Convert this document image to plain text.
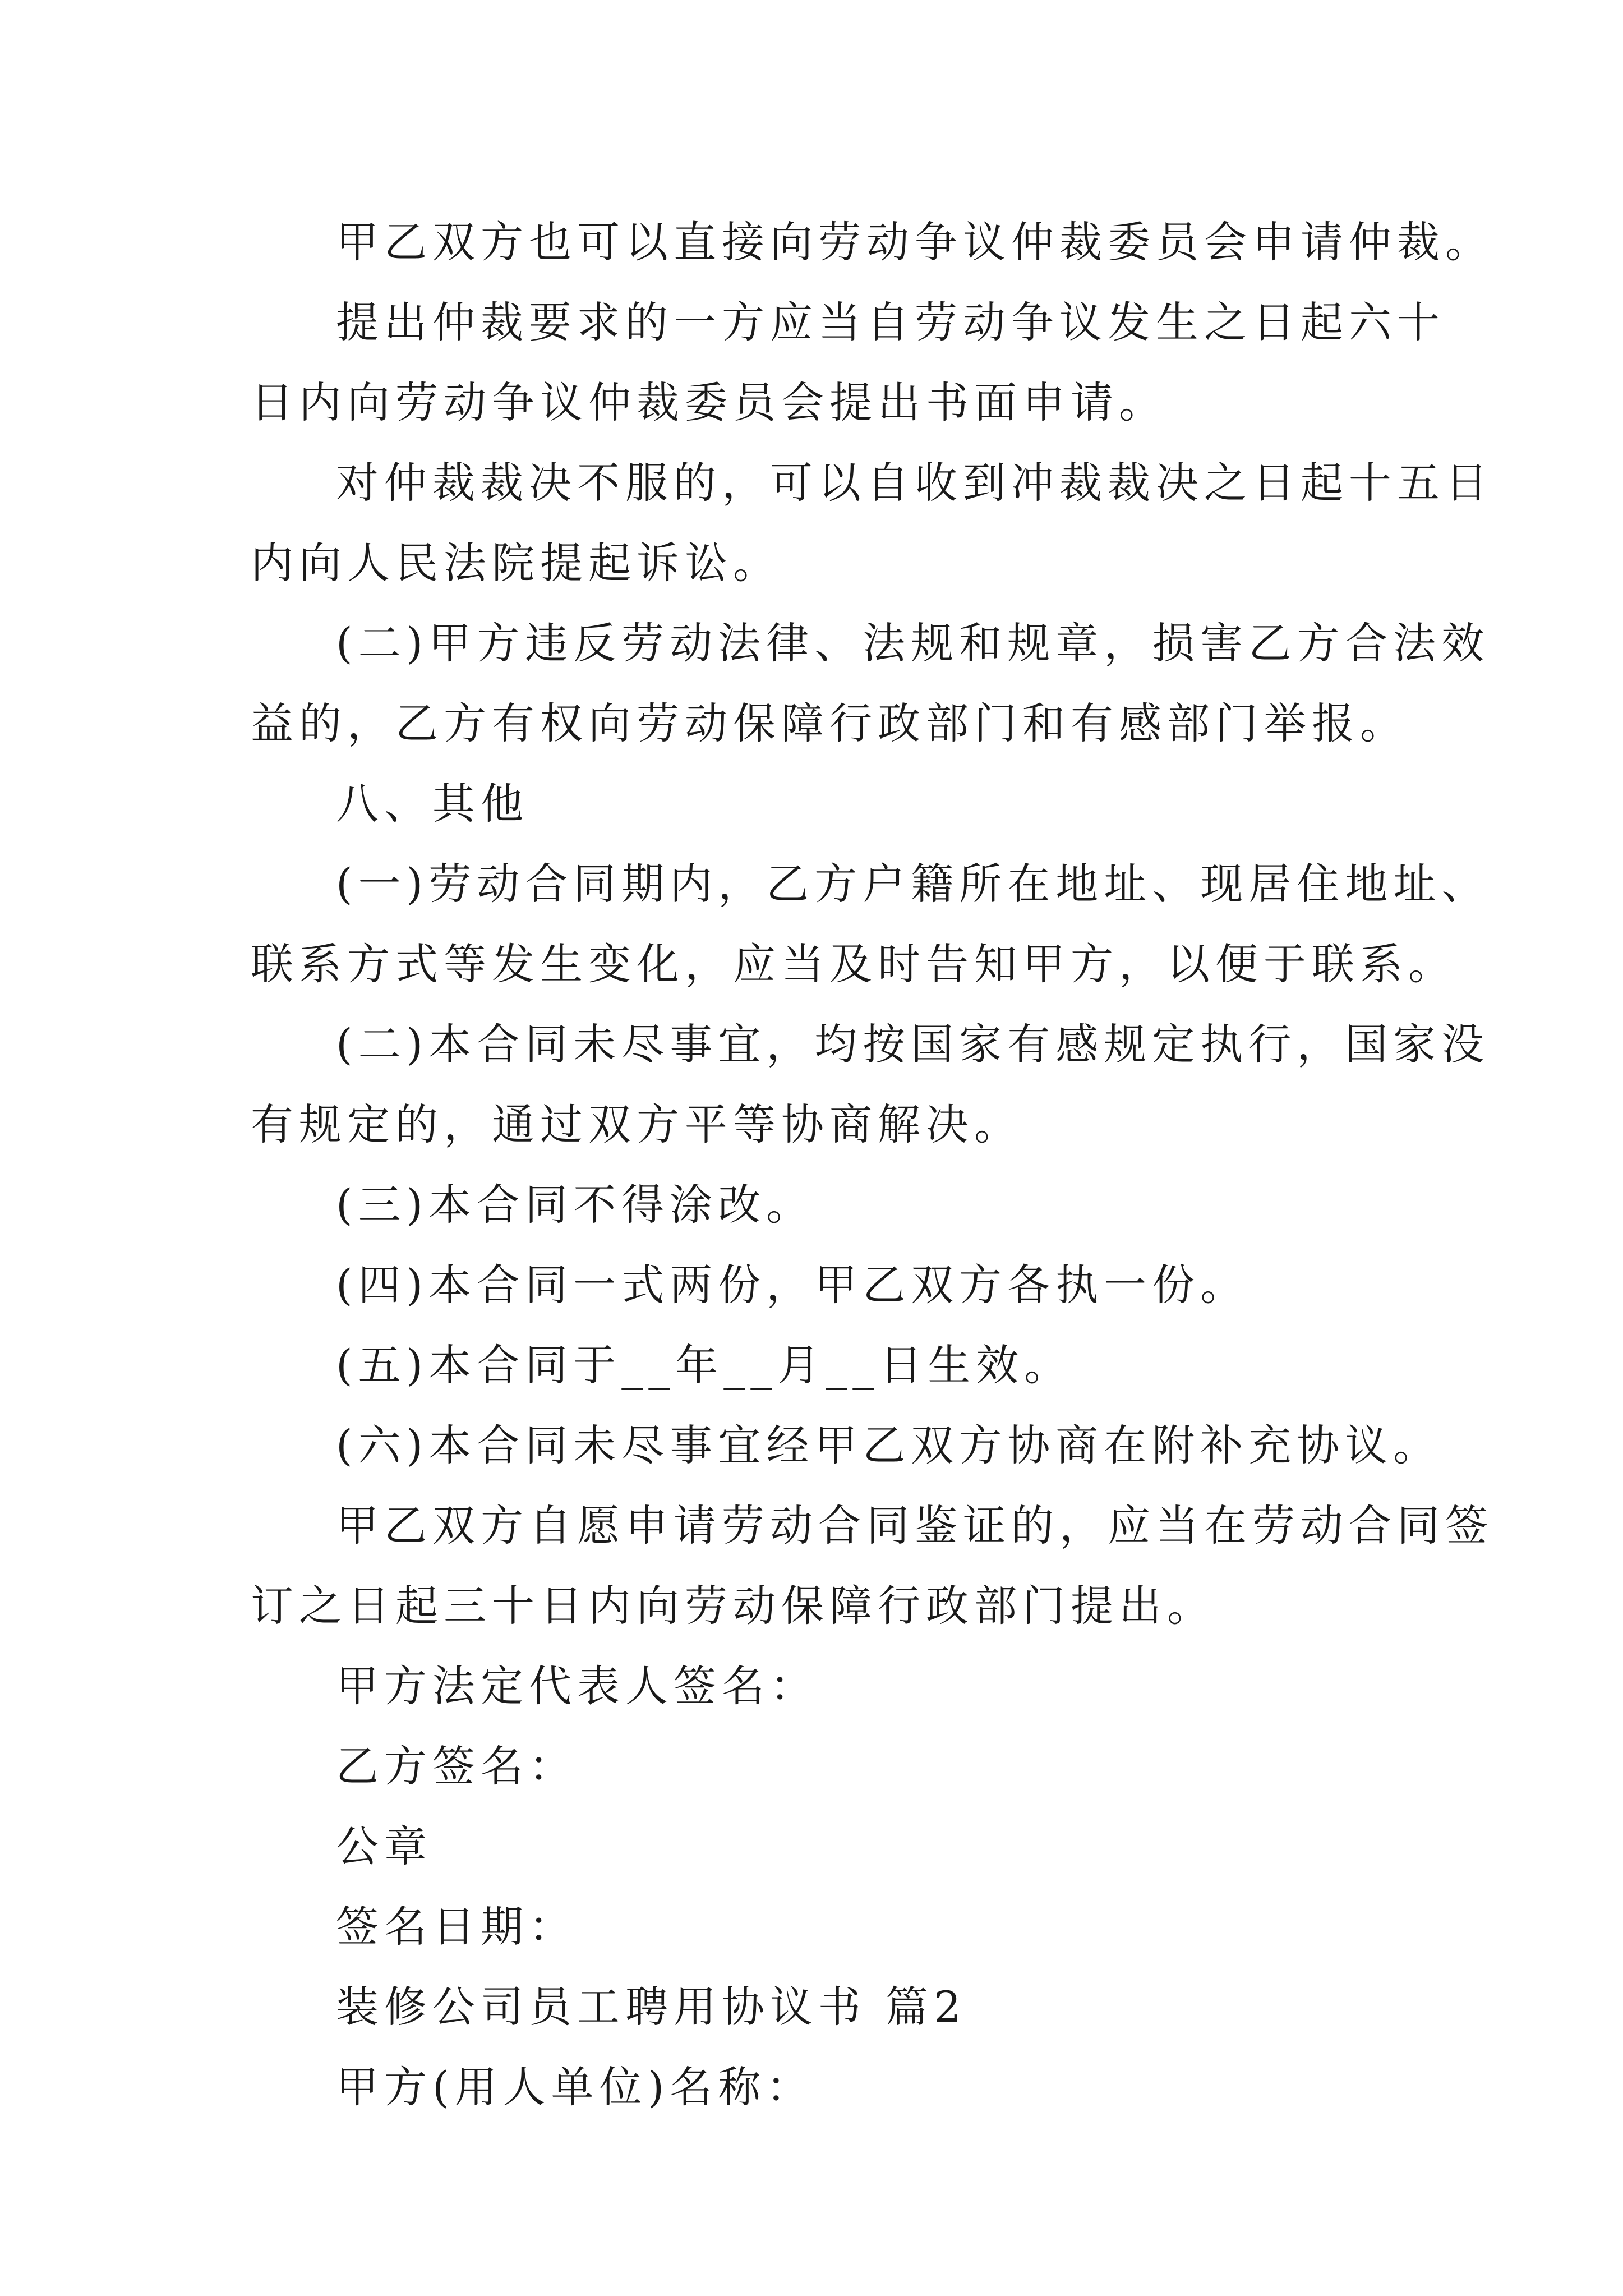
甲乙双方也可以直接向劳动争议仲裁委员会申请仲裁。

提出仲裁要求的一方应当自劳动争议发生之日起六十
日内向劳动争议仲裁委员会提出书面申请。

对仲裁裁决不服的，可以自收到冲裁裁决之日起十五日
内向人民法院提起诉讼。

(二)甲方违反劳动法律、法规和规章，损害乙方合法效
益的，乙方有权向劳动保障行政部门和有感部门举报。

八、其他

(一)劳动合同期内，乙方户籍所在地址、现居住地址、
联系方式等发生变化，应当及时告知甲方，以便于联系。

(二)本合同未尽事宜，均按国家有感规定执行，国家没
有规定的，通过双方平等协商解决。

(三)本合同不得涂改。

(四)本合同一式两份，甲乙双方各执一份。

(五)本合同于__年__月__日生效。

(六)本合同未尽事宜经甲乙双方协商在附补充协议。

甲乙双方自愿申请劳动合同鉴证的，应当在劳动合同签
订之日起三十日内向劳动保障行政部门提出。

甲方法定代表人签名：

乙方签名：

公章

签名日期：

装修公司员工聘用协议书 篇2

甲方(用人单位)名称：
